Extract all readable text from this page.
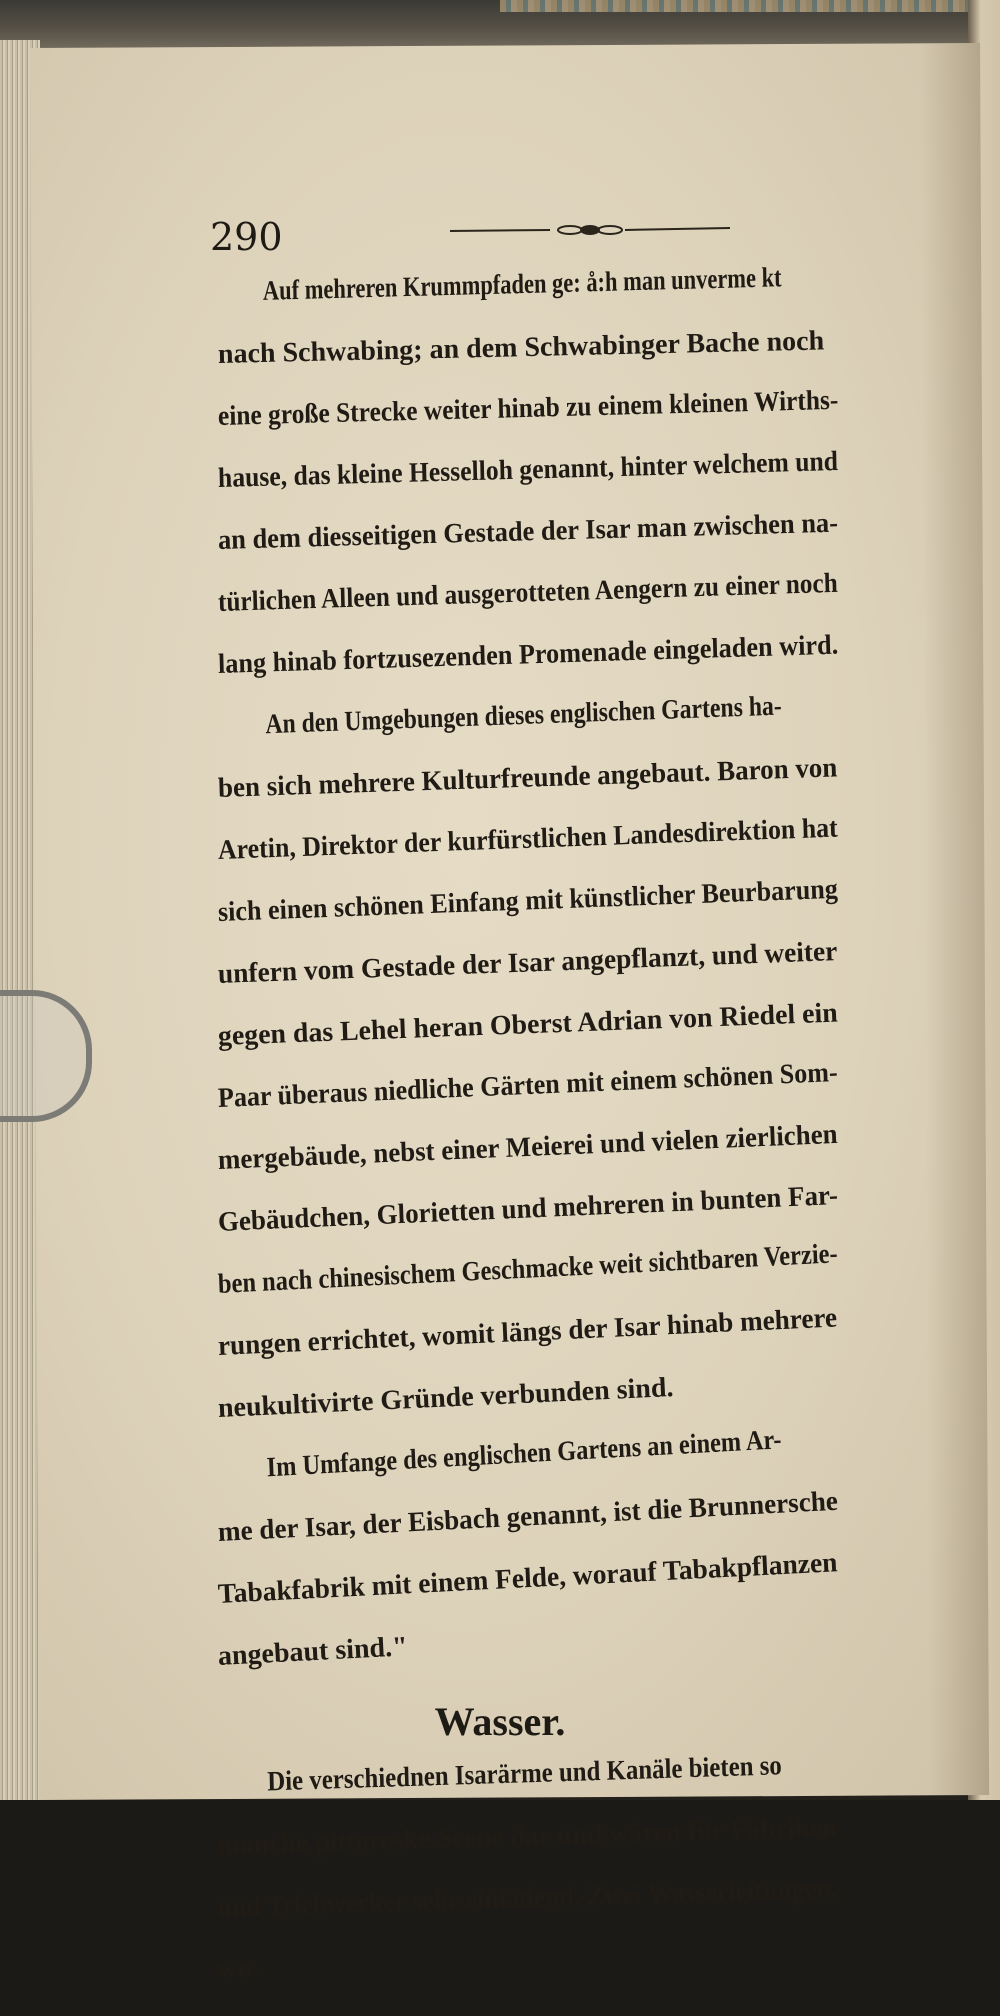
290
Auf mehreren Krummpfaden ge: å:h man unverme kt
nach Schwabing; an dem Schwabinger Bache noch
eine große Strecke weiter hinab zu einem kleinen Wirths-
hause, das kleine Hesselloh genannt, hinter welchem und
an dem diesseitigen Gestade der Isar man zwischen na-
türlichen Alleen und ausgerotteten Aengern zu einer noch
lang hinab fortzusezenden Promenade eingeladen wird.
An den Umgebungen dieses englischen Gartens ha-
ben sich mehrere Kulturfreunde angebaut. Baron von
Aretin, Direktor der kurfürstlichen Landesdirektion hat
sich einen schönen Einfang mit künstlicher Beurbarung
unfern vom Gestade der Isar angepflanzt, und weiter
gegen das Lehel heran Oberst Adrian von Riedel ein
Paar überaus niedliche Gärten mit einem schönen Som-
mergebäude, nebst einer Meierei und vielen zierlichen
Gebäudchen, Glorietten und mehreren in bunten Far-
ben nach chinesischem Geschmacke weit sichtbaren Verzie-
rungen errichtet, womit längs der Isar hinab mehrere
neukultivirte Gründe verbunden sind.
Im Umfange des englischen Gartens an einem Ar-
me der Isar, der Eisbach genannt, ist die Brunnersche
Tabakfabrik mit einem Felde, worauf Tabakpflanzen
angebaut sind."
Wasser.
Die verschiednen Isarärme und Kanäle bieten so
manche pittoreske Scene dar und wären für Fabriken
und Triebwerker sehr einladend. Zwei Wasserleitungen,
wo-
